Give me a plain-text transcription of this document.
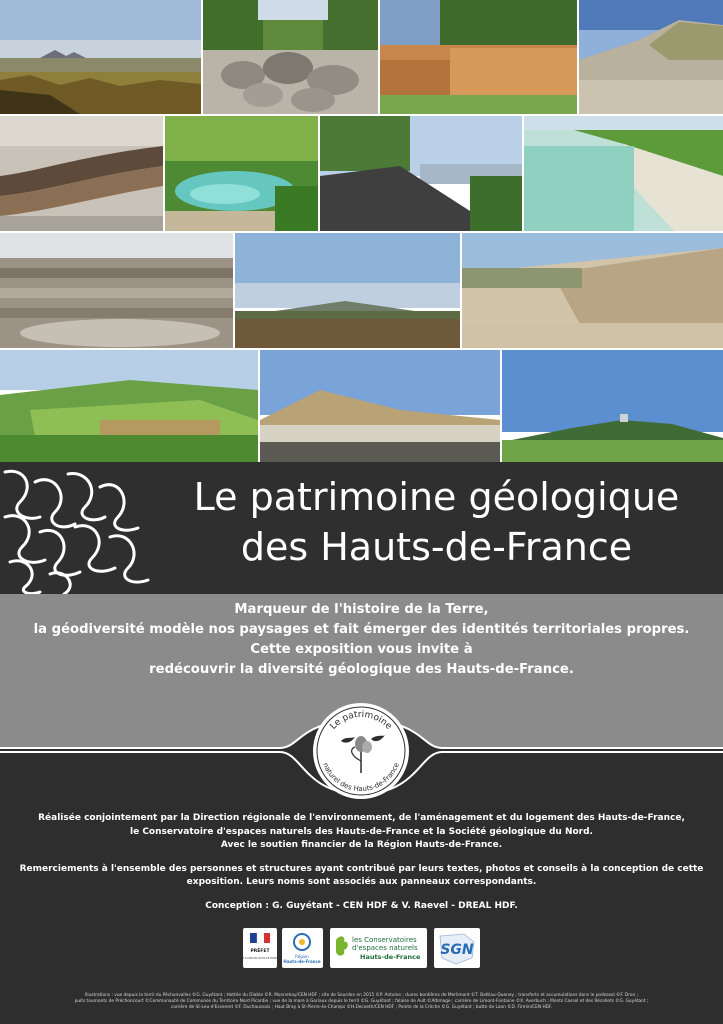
Le patrimoine géologique
des Hauts-de-France
Marqueur de l'histoire de la Terre,
la géodiversité modèle nos paysages et fait émerger des identités territoriales propres.
Cette exposition vous invite à
redécouvrir la diversité géologique des Hauts-de-France.
Le patrimoine
naturel des Hauts-de-France

Réalisée conjointement par la Direction régionale de l'environnement, de l'aménagement et du logement des Hauts-de-France,

le Conservatoire d'espaces naturels des Hauts-de-France et la Société géologique du Nord.

Avec le soutien financier de la Région Hauts-de-France.

Remerciements à l'ensemble des personnes et structures ayant contribué par leurs textes, photos et conseils à la conception de cette

exposition. Leurs noms sont associés aux panneaux correspondants.

Conception : G. Guyétant - CEN HDF & V. Raevel - DREAL HDF.

PRÉFET
DE LA RÉGION HAUTS-DE-FRANCE	Région
Hauts-de-France
les Conservatoires
d'espaces naturels
Hauts-de-France SGN
Illustrations : vue depuis le terril du Péchonvalles ©G. Guyétant ; Hottée du Diable ©R. Monnehay/CEN HDF ; site de Sourdon en 2015 ©P. Antoine ; dunes bordières de Merlimont ©T. Battiau-Queney ; transferts et accumulations dans le podzosol ©F. Dron ;
puits tournants de Préchoncourt ©Communauté de Communes du Territoire Nord Picardie ; vue de la mare à Goriaux depuis le terril ©G. Guyétant ; falaise de Ault ©Altimage ; carrière de Limont-Fontaine ©X. Averbuch ; Monts Cassel et des Récollets ©G. Guyétant ;
carrière de St-Leu-d'Esserent ©F. Duchaussois ; Haut Bray à St-Pierre-ès-Champs ©H.Decoeth/CEN HDF ; Pointe de la Crèche ©G. Guyétant ; butte de Laon ©D. Firmin/CEN HDF.
